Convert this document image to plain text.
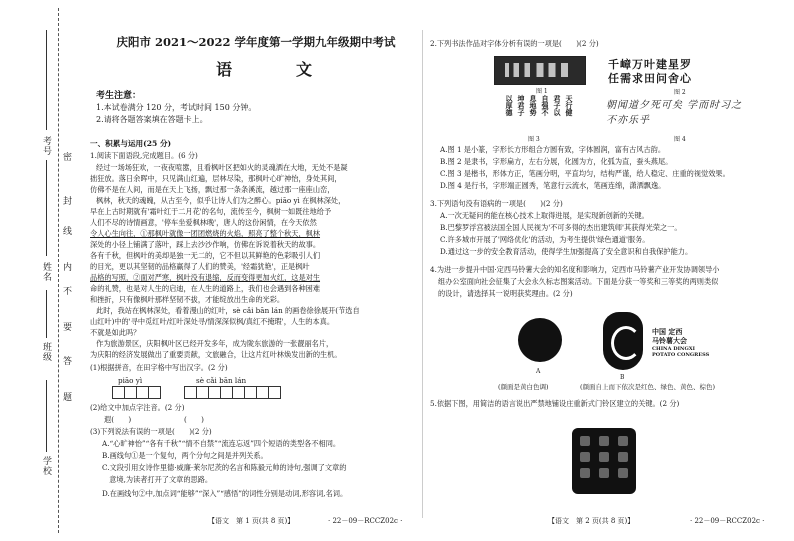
考号
姓名
班级
学校
密
封
线
内
不
要
答
题
庆阳市 2021～2022 学年度第一学期九年级期中考试
语　文
考生注意：
1.本试卷满分 120 分，考试时间 150 分钟。
2.请将各题答案填在答题卡上。
一、积累与运用(25 分)
1.阅读下面语段,完成题目。(6 分)
经过一场场狂欢，一夜夜喧嚣，且看枫叶区把如火的灵魂洒在大地，无处不是凝
拙狂放。落日余晖中，只见满山红遍，层林尽染，那枫叶心旷神怡，身处其间，
仿佛不是在人间，而是在天上飞扬，飘过那一条条溪流，越过那一座座山峦，
枫林，秋天的魂魄，从古至今，似乎让诗人们为之醉心。piāo yì 在枫林深处，
早在上古时期就有'霜叶红于二月花'的名句，流传至今，枫树一如既往地给予
人们不尽的诗情画意，'停车坐爱枫林晚'，唐人的这份闲情，在今天依然
令人心生向往，①那枫叶就像一团团燃烧的火焰，照亮了整个秋天，枫林
深处的小径上铺满了落叶，踩上去沙沙作响，仿佛在诉说着秋天的故事。
各有千秋，但枫叶的美却是独一无二的，它不但以其鲜艳的色彩吸引人们
的目光，更以其坚韧的品格赢得了人们的赞美，'经霜犹艳'，正是枫叶
品格的写照，②面对严寒，枫叶没有退缩，反而变得更加火红，这是对生
命的礼赞，也是对人生的启迪，在人生的道路上，我们也会遇到各种困难
和挫折，只有像枫叶那样坚韧不拔，才能绽放出生命的光彩。
此时，我站在枫林深处，看着漫山的红叶，sè cǎi bān lán 的画卷徐徐展开(节选自
山红叶)中的'寻中觅红叶/红叶深处寻/情深深似枫/真红不掩瑕'，人生的本真。
不就是如此吗？
作为旅游景区，庆阳枫叶区已经开发多年，成为陇东旅游的一张靓丽名片，
为庆阳的经济发展做出了重要贡献，文旅融合，让这片红叶林焕发出新的生机。
(1)根据拼音，在田字格中写出汉字。(2 分)
piāo yì	sè cǎi bān lán
(2)给文中加点字注音。(2 分)
遐(　　)	(　　)
(3)下列说法有误的一项是(　　)(2 分)
A.“心旷神怡”“各有千秋”“情不自禁”“流连忘返”四个短语的类型各不相同。
B.画线句①是一个复句，两个分句之间是并列关系。
C.文段引用女诗作里德·威廉·莱尔尼茨的名言和陈毅元帅的诗句,强调了文章的
　意境,为读者打开了文章的思路。
D.在画线句②中,加点词“能够”“深入”“感悟”的词性分别是动词,形容词,名词。
【语文　第 1 页(共 8 页)】	· 22－09－RCCZ02c ·
2.下列书法作品对字体分析有误的一项是(　　)(2 分)
图 1
千嶂万叶建星罗
任需求田问舍心
图 2
天行健
君子以
自强不
息地势
坤君子
以厚德
图 3
朝闻道夕死可矣 学而时习之不亦乐乎
图 4
A.图 1 是小篆，字形长方形组合方圆有致，字体圆润，富有古风古韵。
B.图 2 是隶书，字形扁方，左右分展，化圆为方，化弧为直，蚕头燕尾。
C.图 3 是楷书，形体方正，笔画分明，平直均匀，结构严谨，给人稳定、庄重的视觉效果。
D.图 4 是行书，字形端正圆秀，笔意行云流水，笔画连绵，潇洒飘逸。
3.下列语句没有语病的一项是(　　)(2 分)
A.一次无疑问的能在核心技术上取得进展，是实现新创新的关键。
B.巴黎罗浮宫被法国全国人民视为'不可多得的杰出建筑师'其获得光荣之一。
C.许多城市开展了'网络优化'的活动，为考生提供'绿色通道'服务。
D.通过这一步的安全教育活动，使得学生加强提高了安全意识和自我保护能力。
4.为进一步提升中国·定西马铃薯大会的知名度和影响力，定西市马铃薯产业开发协调领导小
组办公室面向社会征集了大会永久标志图案活动。下面是分获一等奖和三等奖的两则类似
的设计，请选择其一说明获奖理由。(2 分)
A
中国 定西
马铃薯大会
CHINA DINGXI
POTATO CONGRESS
B
(颜面是黄白色调)	(颜面自上而下依次是红色、绿色、黄色、棕色)
5.依据下图，用简洁的语言说出严禁地铺设庄重新式门铃区建立的关键。(2 分)
【语文　第 2 页(共 8 页)】	· 22－09－RCCZ02c ·
